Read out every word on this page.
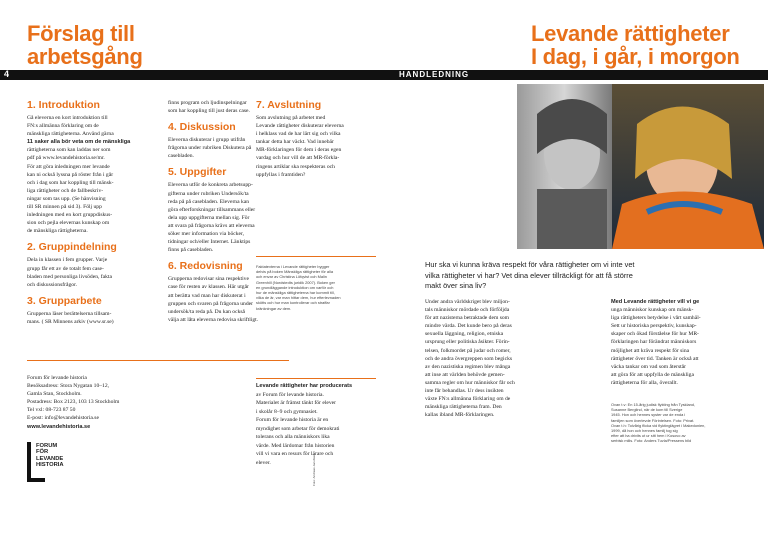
Förslag till
arbetsgång
Levande rättigheter
I dag, i går, i morgon
4	HANDLEDNING
1. Introduktion

Gå eleverna en kort introduktion till
FN:s allmänna förklaring om de
mänskliga rättigheterna. Använd gärna
11 saker alla bör veta om de mänskliga
rättigheterna som kan laddas ner som
pdf på www.levandehistoria.se/mr.
För att göra inledningen mer levande
kan ni också lyssna på röster från i går
och i dag som har koppling till mänsk-
liga rättigheter och de fallbeskriv-
ningar som tas upp. (Se hänvisning
till SR minnen på sid 3). Följ upp
inledningen med en kort gruppdiskus-
sion och pejla elevernas kunskap om
de mänskliga rättigheterna.

2. Gruppindelning

Dela in klassen i fem grupper. Varje
grupp får ett av de totalt fem case-
bladen med personliga livsöden, fakta
och diskussionsfrågor.

3. Grupparbete

Grupperna läser berättelserna tillsam-
mans. ( SR Minnens arkiv (www.sr.se)

finns program och ljudinspelningar
som har koppling till just deras case.

4. Diskussion

Eleverna diskuterar i grupp utifrån
frågorna under rubriken Diskutera på
casebladen.

5. Uppgifter

Eleverna utför de konkreta arbetsupp-
gifterna under rubriken Undersök/ta
reda på på casebladen. Eleverna kan
göra efterforskningar tillsammans eller
dela upp uppgifterna mellan sig. För
att svara på frågorna krävs att eleverna
söker mer information via böcker,
tidningar och/eller Internet. Länktips
finns på casebladen.

6. Redovisning

Grupperna redovisar sina respektive
case för resten av klassen. Här utgår
att berätta vad man har diskuterat i
gruppen och svaren på frågorna under
undersök/ta reda på. Du kan också
välja att låta eleverna redovisa skriftligt.

7. Avslutning

Som avslutning på arbetet med
Levande rättigheter diskuterar eleverna
i helklass vad de har lärt sig och vilka
tankar detta har väckt. Vad innebär
MR-förklaringen för dem i deras egen
vardag och hur vill de att MR-förkla-
ringens artiklar ska respekteras och
uppfyllas i framtiden?

Faktatexterna i Levande rättigheter bygger
delvis på boken Mänskliga rättigheter för alla
och envar av Christina Löfqvist och Malin
Greenhill (Nordstedts juridik 2007). Boken ger
en grundläggande introduktion om varför och
hur de mänskliga rättigheterna har kommit till,
vilka de är, var man hittar dem, hur efterlevnaden
skötts och hur man kontrollerar och straffar
kränkningar av dem.
Forum för levande historia
Besöksadress: Stora Nygatan 10–12,
Gamla Stan, Stockholm.
Postadress: Box 2123, 103 13 Stockholm
Tel vxl: 08-723 87 50
E-post: info@levandehistoria.se
www.levandehistoria.se
FORUM
FÖR
LEVANDE
HISTORIA
Levande rättigheter har producerats
av Forum för levande historia.
Materialet är främst tänkt för elever
i skolår 8–9 och gymnasiet.
Forum för levande historia är en
myndighet som arbetar för demokrati
tolerans och alla människors lika
värde. Med lärdomar från historien
vill vi vara en resurs för lärare och
elever.	Foto: Andreas Jacobsen
Hur ska vi kunna kräva respekt för våra rättigheter om vi inte vet
vilka rättigheter vi har? Vet dina elever tillräckligt för att få större
makt över sina liv?
Under andra världskriget blev miljon-
tals människor mördade och förföljda
för att nazisterna betraktade dem som
mindre värda. Det kunde bero på deras
sexuella läggning, religion, etniska
ursprung eller politiska åsikter. Förin-
telsen, folkmordet på judar och romer,
och de andra övergreppen som begicks
av den nazistiska regimen blev många
att inse att världen behövde gemen-
samma regler om hur människor får och
inte får behandlas. Ur dess insikten
växte FN:s allmänna förklaring om de
mänskliga rättigheterna fram. Den
kallas ibland MR-förklaringen.
Med Levande rättigheter vill vi ge
unga människor kunskap om mänsk-
liga rättigheters betydelse i vårt samhäl-
Sett ur historiska perspektiv, kunskap-
skaper och ökad förståelse för hur MR-
förklaringen har förändrat människors
möjlighet att kräva respekt för sina
rättigheter över tid. Tanken är också att
väcka tankar om vad som återstår
att göra för att uppfylla de mänskliga
rättigheterna för alla, överallt.
Ovan t.v: En 15-årig judisk flykting från Tyskland,
Susanne Berglind, när de kom till Sverige
1945. Hon och hennes syster var de enda i
familjen som överlevde Förintelsen. Foto: Privat.
Ovan t.h: Tolvårig flicka vid flyktinglägret i Makedonien,
1999, då hon och hennes familj tog sig
efter att ha drivits ut ur sitt hem i Kosovo av
serbisk milis. Foto: Anders Tuvla/Pressens bild
